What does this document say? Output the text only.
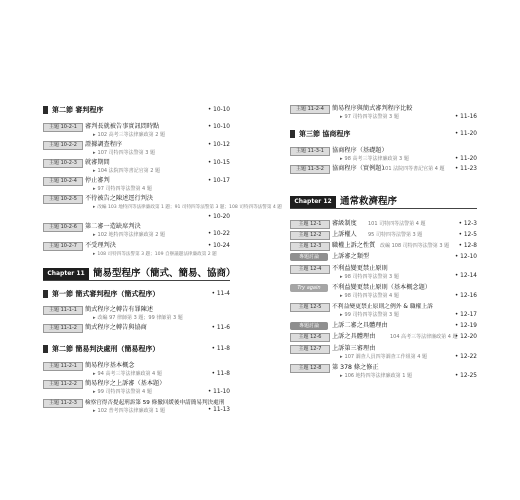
第二節 審判程序	• 10-10
主題 10-2-1	審判長就被告事實訊問時點	• 10-10
▸ 102 高考三等法律廉政第 2 題
主題 10-2-2	證據調查程序	• 10-12
▸ 107 司特四等法警第 3 題
主題 10-2-3	就審期間	• 10-15
▸ 104 法院四等書記官第 2 題
主題 10-2-4	停止審判	• 10-17
▸ 97 司特四等法警第 4 題
主題 10-2-5	不待被告之陳述逕行判決
▸ 改編 103 地特四等法律廉政第 1 題；91 司特四等法警第 3 題；108 司特四等法警第 4 題
• 10-20
主題 10-2-6	第二審一造缺席判決
▸ 102 地特四等法律廉政第 2 題	• 10-22
主題 10-2-7	不受理判決	• 10-24
▸ 108 司特四等法警第 3 題；109 自辦議題法律廉政第 2 題
Chapter 11 簡易型程序（簡式、簡易、協商）
第一節 簡式審判程序（簡式程序）	• 11-4
主題 11-1-1	簡式程序之轉告有罪陳述
▸ 改編 97 律師第 3 題；99 律師第 3 題
主題 11-1-2	簡式程序之轉告與協商	• 11-6
第二節 簡易判決處刑（簡易程序）	• 11-8
主題 11-2-1	簡易程序基本概念
▸ 94 高考三等法律廉政第 4 題	• 11-8
主題 11-2-2	簡易程序之上訴審（基本題）
▸ 99 司特四等法警第 4 題	• 11-10
主題 11-2-3	檢察官得否提起刑訴第 59 條撤回緩後申請簡易判決處刑
▸ 102 普考四等法律廉政第 1 題	• 11-13
主題 11-2-4	簡易程序與簡式審判程序比較
▸ 97 司特四等法警第 3 題	• 11-16
第三節 協商程序	• 11-20
主題 11-3-1	協商程序（基礎題）
▸ 98 高考三等法律廉政第 3 題	• 11-20
主題 11-3-2	協商程序（實例題）
101 法院四等書記官第 4 題 • 11-23
Chapter 12 通常救濟程序
主題 12-1	審級制度 101 司特四等法警第 4 題	• 12-3
主題 12-2	上訴權人 95 司特四等法警第 3 題	• 12-5
主題 12-3	職權上訴之性質 改編 108 司特四等法警第 3 題 • 12-8
專題討論	上訴審之類型	• 12-10
主題 12-4	不利益變更禁止原則
▸ 98 司特四等法警第 3 題	• 12-14
Try again	不利益變更禁止原則（基本概念題）
▸ 98 司特四等法警第 4 題	• 12-16
主題 12-5	不利益變更禁止原則之例外 & 職權上訴
▸ 99 司特四等法警第 3 題	• 12-17
專題討論	上訴二審之具體理由	• 12-19
主題 12-6	上訴之具體理由	104 高考三等法律廉政第 4 題
• 12-20
主題 12-7	上訴第三審理由
▸ 107 調查人員四等調查工作組第 4 題	• 12-22
主題 12-8	第 378 條之修正
▸ 106 地特四等法律廉政第 1 題	• 12-25
